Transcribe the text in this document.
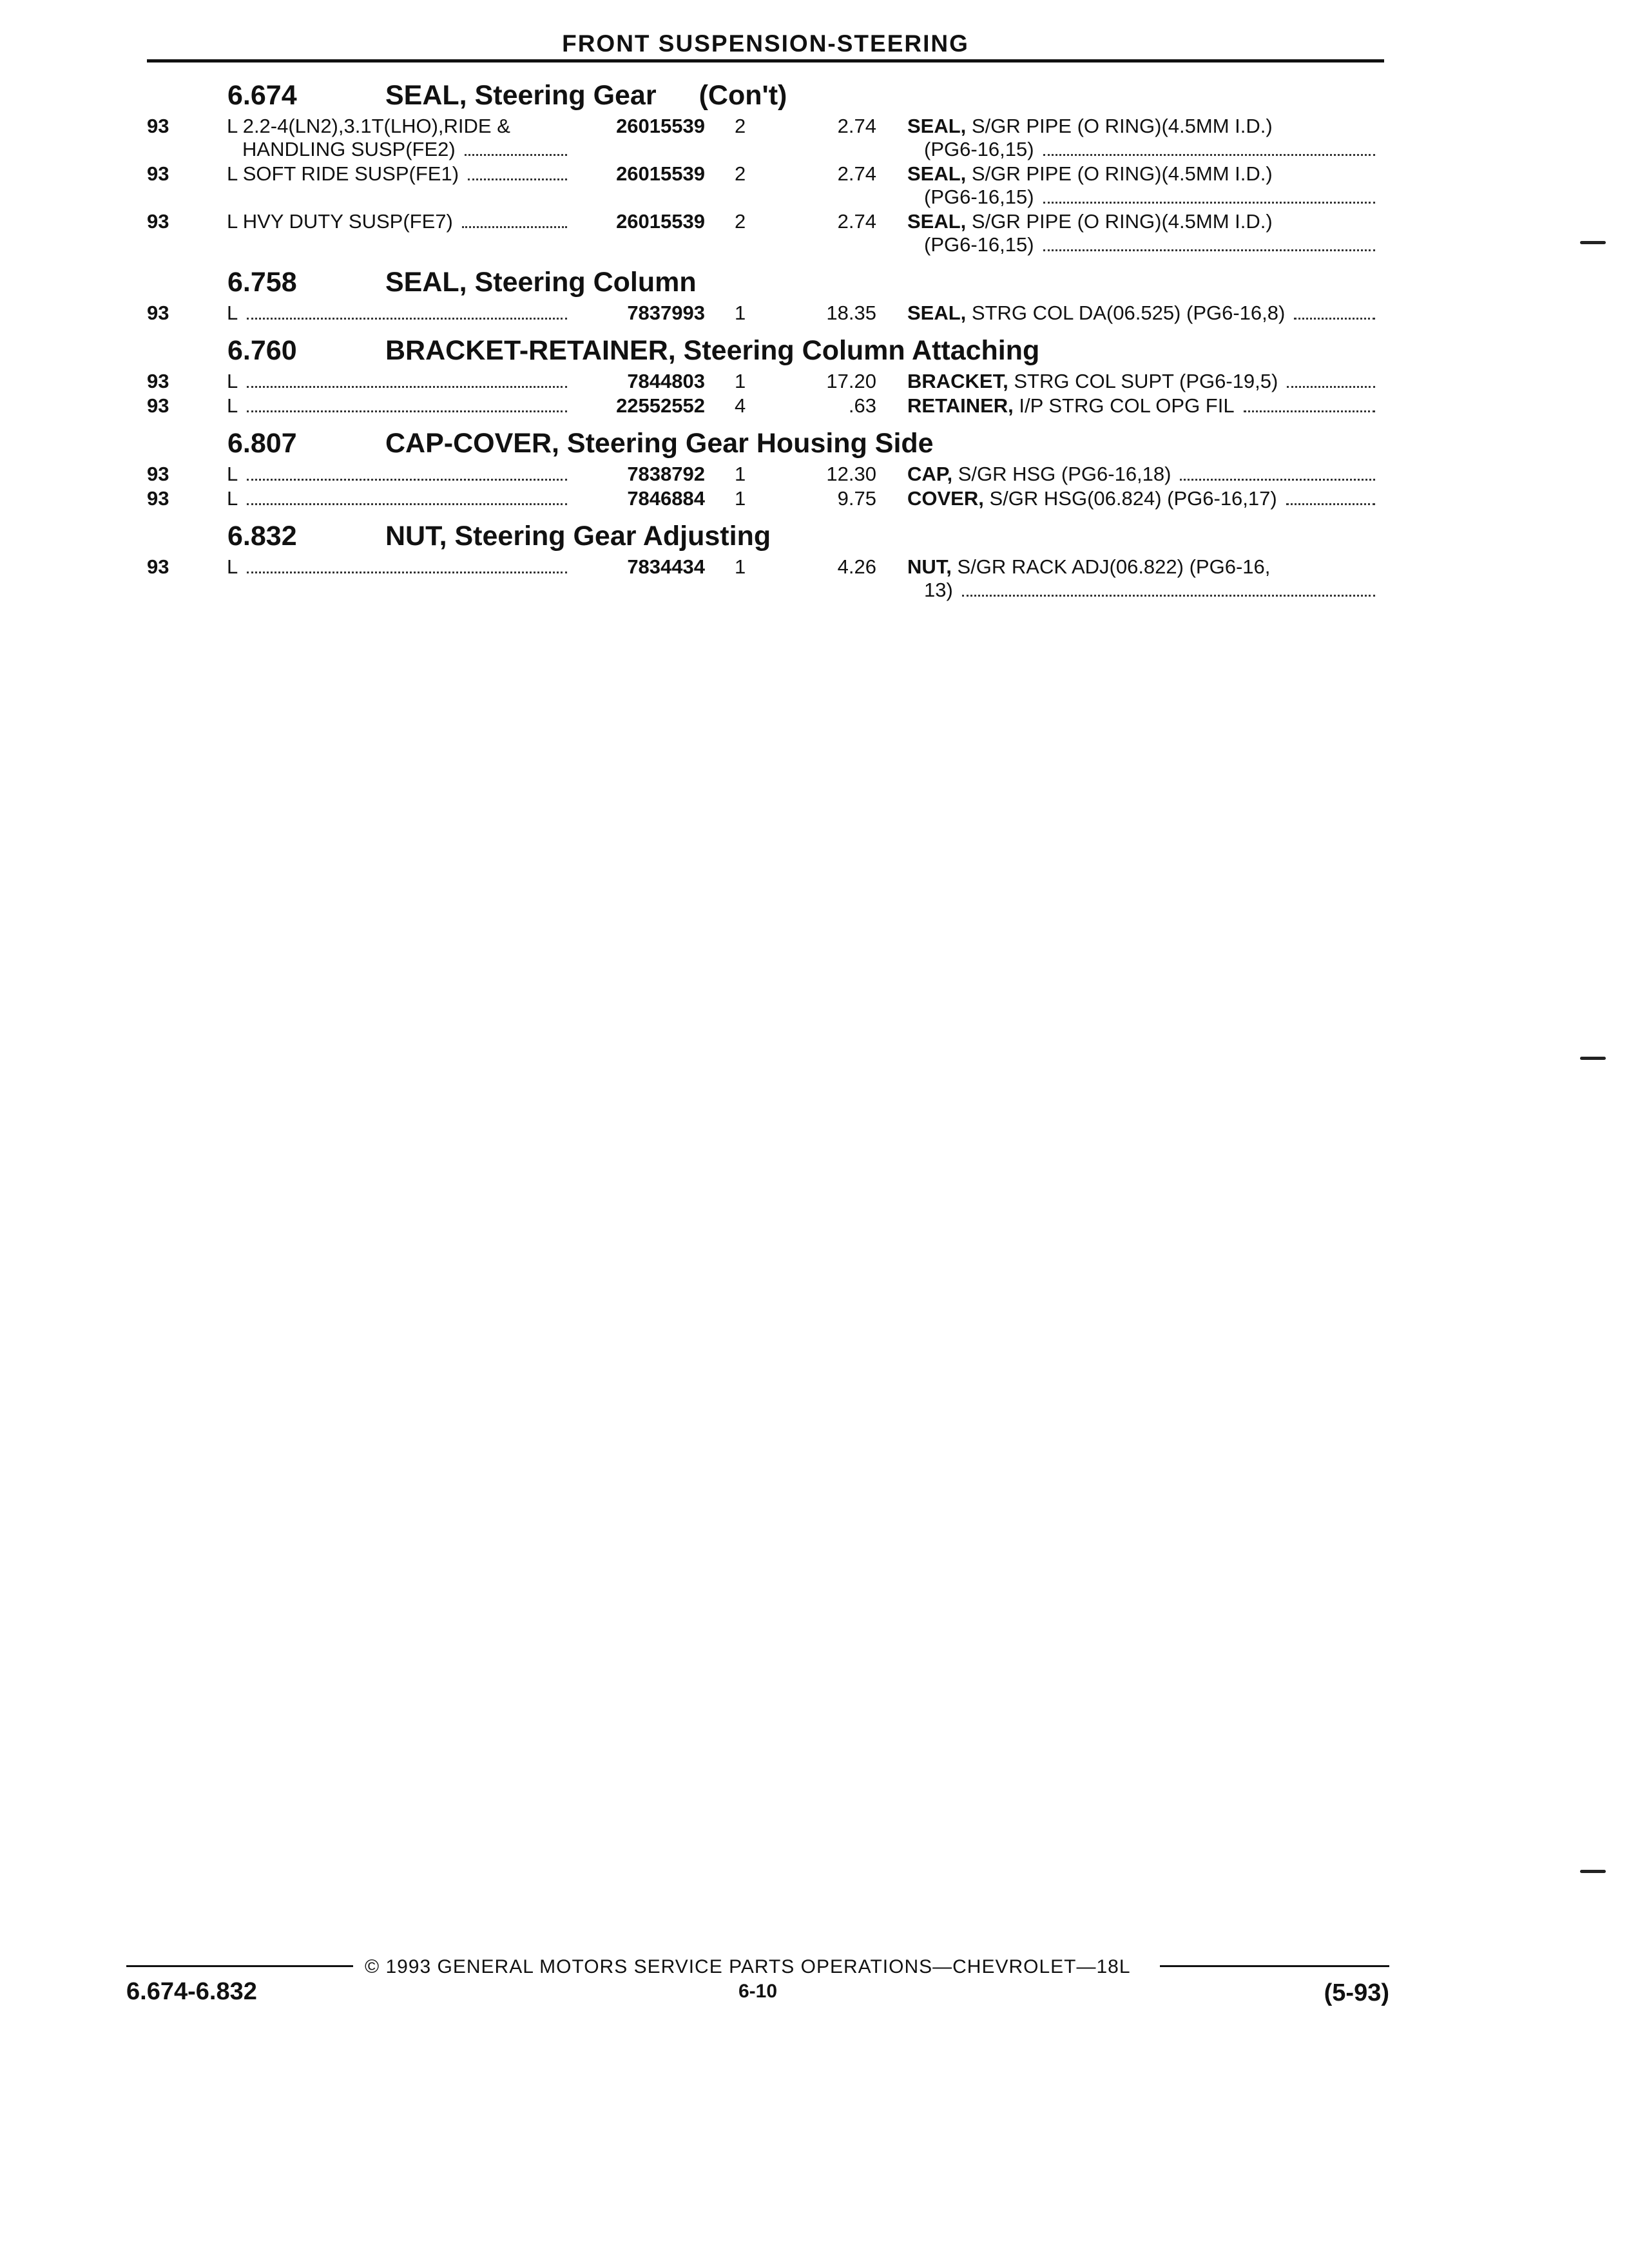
FRONT SUSPENSION-STEERING
6.674	SEAL, Steering Gear (Con't)
93	L 2.2-4(LN2),3.1T(LHO),RIDE &
HANDLING SUSP(FE2)
26015539 2	2.74 SEAL,
S/GR PIPE (O RING)(4.5MM I.D.)
(PG6-16,15)
93	L SOFT RIDE SUSP(FE1)	26015539 2	2.74 SEAL,
S/GR PIPE (O RING)(4.5MM I.D.)
(PG6-16,15)
93	L HVY DUTY SUSP(FE7)	26015539 2	2.74 SEAL,
S/GR PIPE (O RING)(4.5MM I.D.)
(PG6-16,15)
6.758	SEAL, Steering Column
93	L	7837993 1	18.35 SEAL,
STRG COL DA(06.525) (PG6-16,8)
6.760	BRACKET-RETAINER, Steering Column Attaching
93	L	7844803 1	17.20 BRACKET,
STRG COL SUPT (PG6-19,5)
93	L	22552552 4	.63 RETAINER,
I/P STRG COL OPG FIL
6.807	CAP-COVER, Steering Gear Housing Side
93	L	7838792 1	12.30 CAP,
S/GR HSG (PG6-16,18)
93	L	7846884 1	9.75 COVER,
S/GR HSG(06.824) (PG6-16,17)
6.832	NUT, Steering Gear Adjusting
93	L	7834434 1	4.26 NUT,
S/GR RACK ADJ(06.822) (PG6-16,
13)
© 1993 GENERAL MOTORS SERVICE PARTS OPERATIONS—CHEVROLET—18L
6.674-6.832	6-10	(5-93)
